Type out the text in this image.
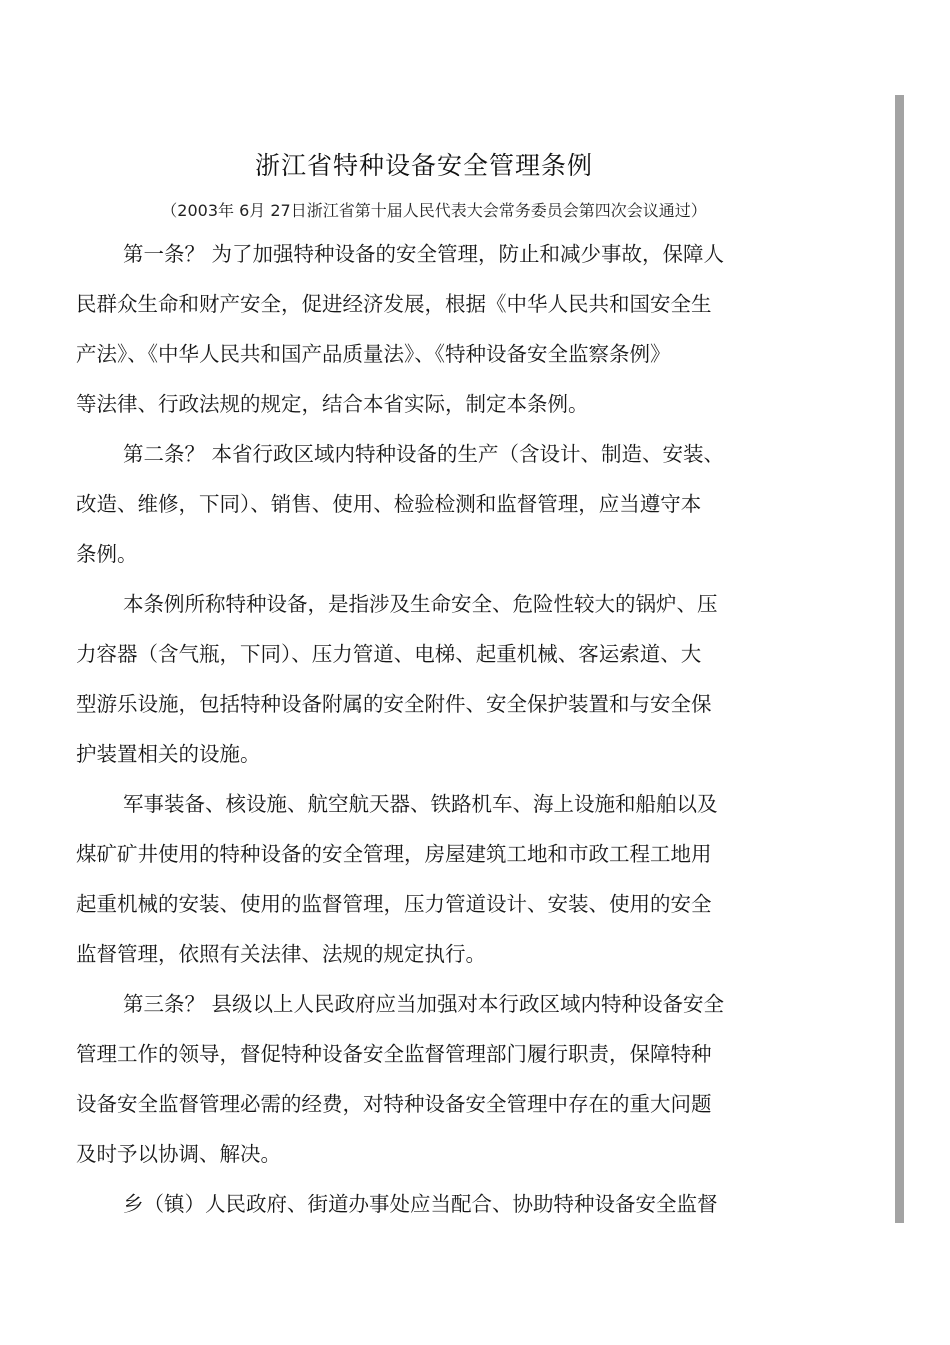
浙江省特种设备安全管理条例
（2003年 6月 27日浙江省第十届人民代表大会常务委员会第四次会议通过）
第一条？ 为了加强特种设备的安全管理，防止和减少事故，保障人
民群众生命和财产安全，促进经济发展，根据《中华人民共和国安全生
产法》、《中华人民共和国产品质量法》、《特种设备安全监察条例》
等法律、行政法规的规定，结合本省实际，制定本条例。
第二条？ 本省行政区域内特种设备的生产（含设计、制造、安装、
改造、维修，下同）、销售、使用、检验检测和监督管理，应当遵守本
条例。
本条例所称特种设备，是指涉及生命安全、危险性较大的锅炉、压
力容器（含气瓶，下同）、压力管道、电梯、起重机械、客运索道、大
型游乐设施，包括特种设备附属的安全附件、安全保护装置和与安全保
护装置相关的设施。
军事装备、核设施、航空航天器、铁路机车、海上设施和船舶以及
煤矿矿井使用的特种设备的安全管理，房屋建筑工地和市政工程工地用
起重机械的安装、使用的监督管理，压力管道设计、安装、使用的安全
监督管理，依照有关法律、法规的规定执行。
第三条？ 县级以上人民政府应当加强对本行政区域内特种设备安全
管理工作的领导，督促特种设备安全监督管理部门履行职责，保障特种
设备安全监督管理必需的经费，对特种设备安全管理中存在的重大问题
及时予以协调、解决。
乡（镇）人民政府、街道办事处应当配合、协助特种设备安全监督
